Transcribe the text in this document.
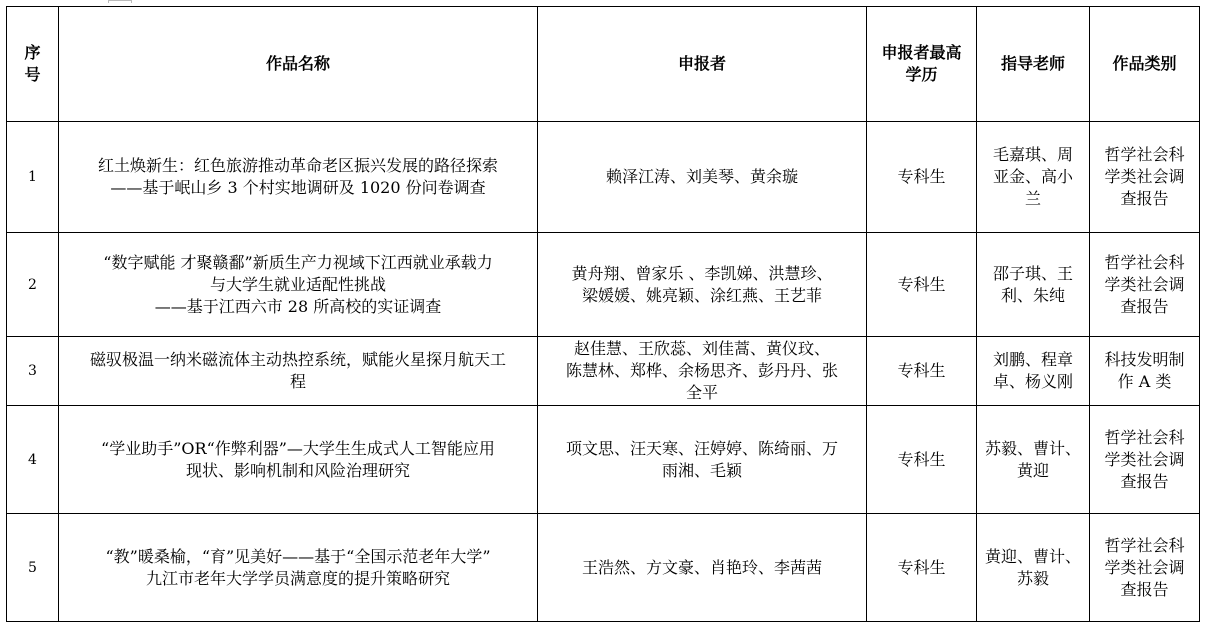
序
号	作品名称	申报者	申报者最高
学历	指导老师	作品类别

1	红土焕新生：红色旅游推动革命老区振兴发展的路径探索
——基于岷山乡 3 个村实地调研及 1020 份问卷调查	赖泽江涛、刘美琴、黄余璇	专科生	毛嘉琪、周
亚金、高小
兰	哲学社会科
学类社会调
查报告

2	“数字赋能 才聚赣鄱”新质生产力视域下江西就业承载力
与大学生就业适配性挑战
——基于江西六市 28 所高校的实证调查	黄舟翔、曾家乐 、李凯娣、洪慧珍、
梁媛媛、姚亮颖、涂红燕、王艺菲	专科生	邵子琪、王
利、朱纯	哲学社会科
学类社会调
查报告

3	磁驭极温一纳米磁流体主动热控系统，赋能火星探月航天工
程	赵佳慧、王欣蕊、刘佳蒿、黄仪玟、
陈慧林、郑桦、余杨思齐、彭丹丹、张
全平	专科生	刘鹏、程章
卓、杨义刚	科技发明制
作 A 类

4	“学业助手”OR“作弊利器”—大学生生成式人工智能应用
现状、影响机制和风险治理研究	项文思、汪天寒、汪婷婷、陈绮丽、万
雨湘、毛颖	专科生	苏毅、曹计、
黄迎	哲学社会科
学类社会调
查报告

5	“教”暖桑榆，“育”见美好——基于“全国示范老年大学”
九江市老年大学学员满意度的提升策略研究	王浩然、方文豪、肖艳玲、李茜茜	专科生	黄迎、曹计、
苏毅	哲学社会科
学类社会调
查报告
